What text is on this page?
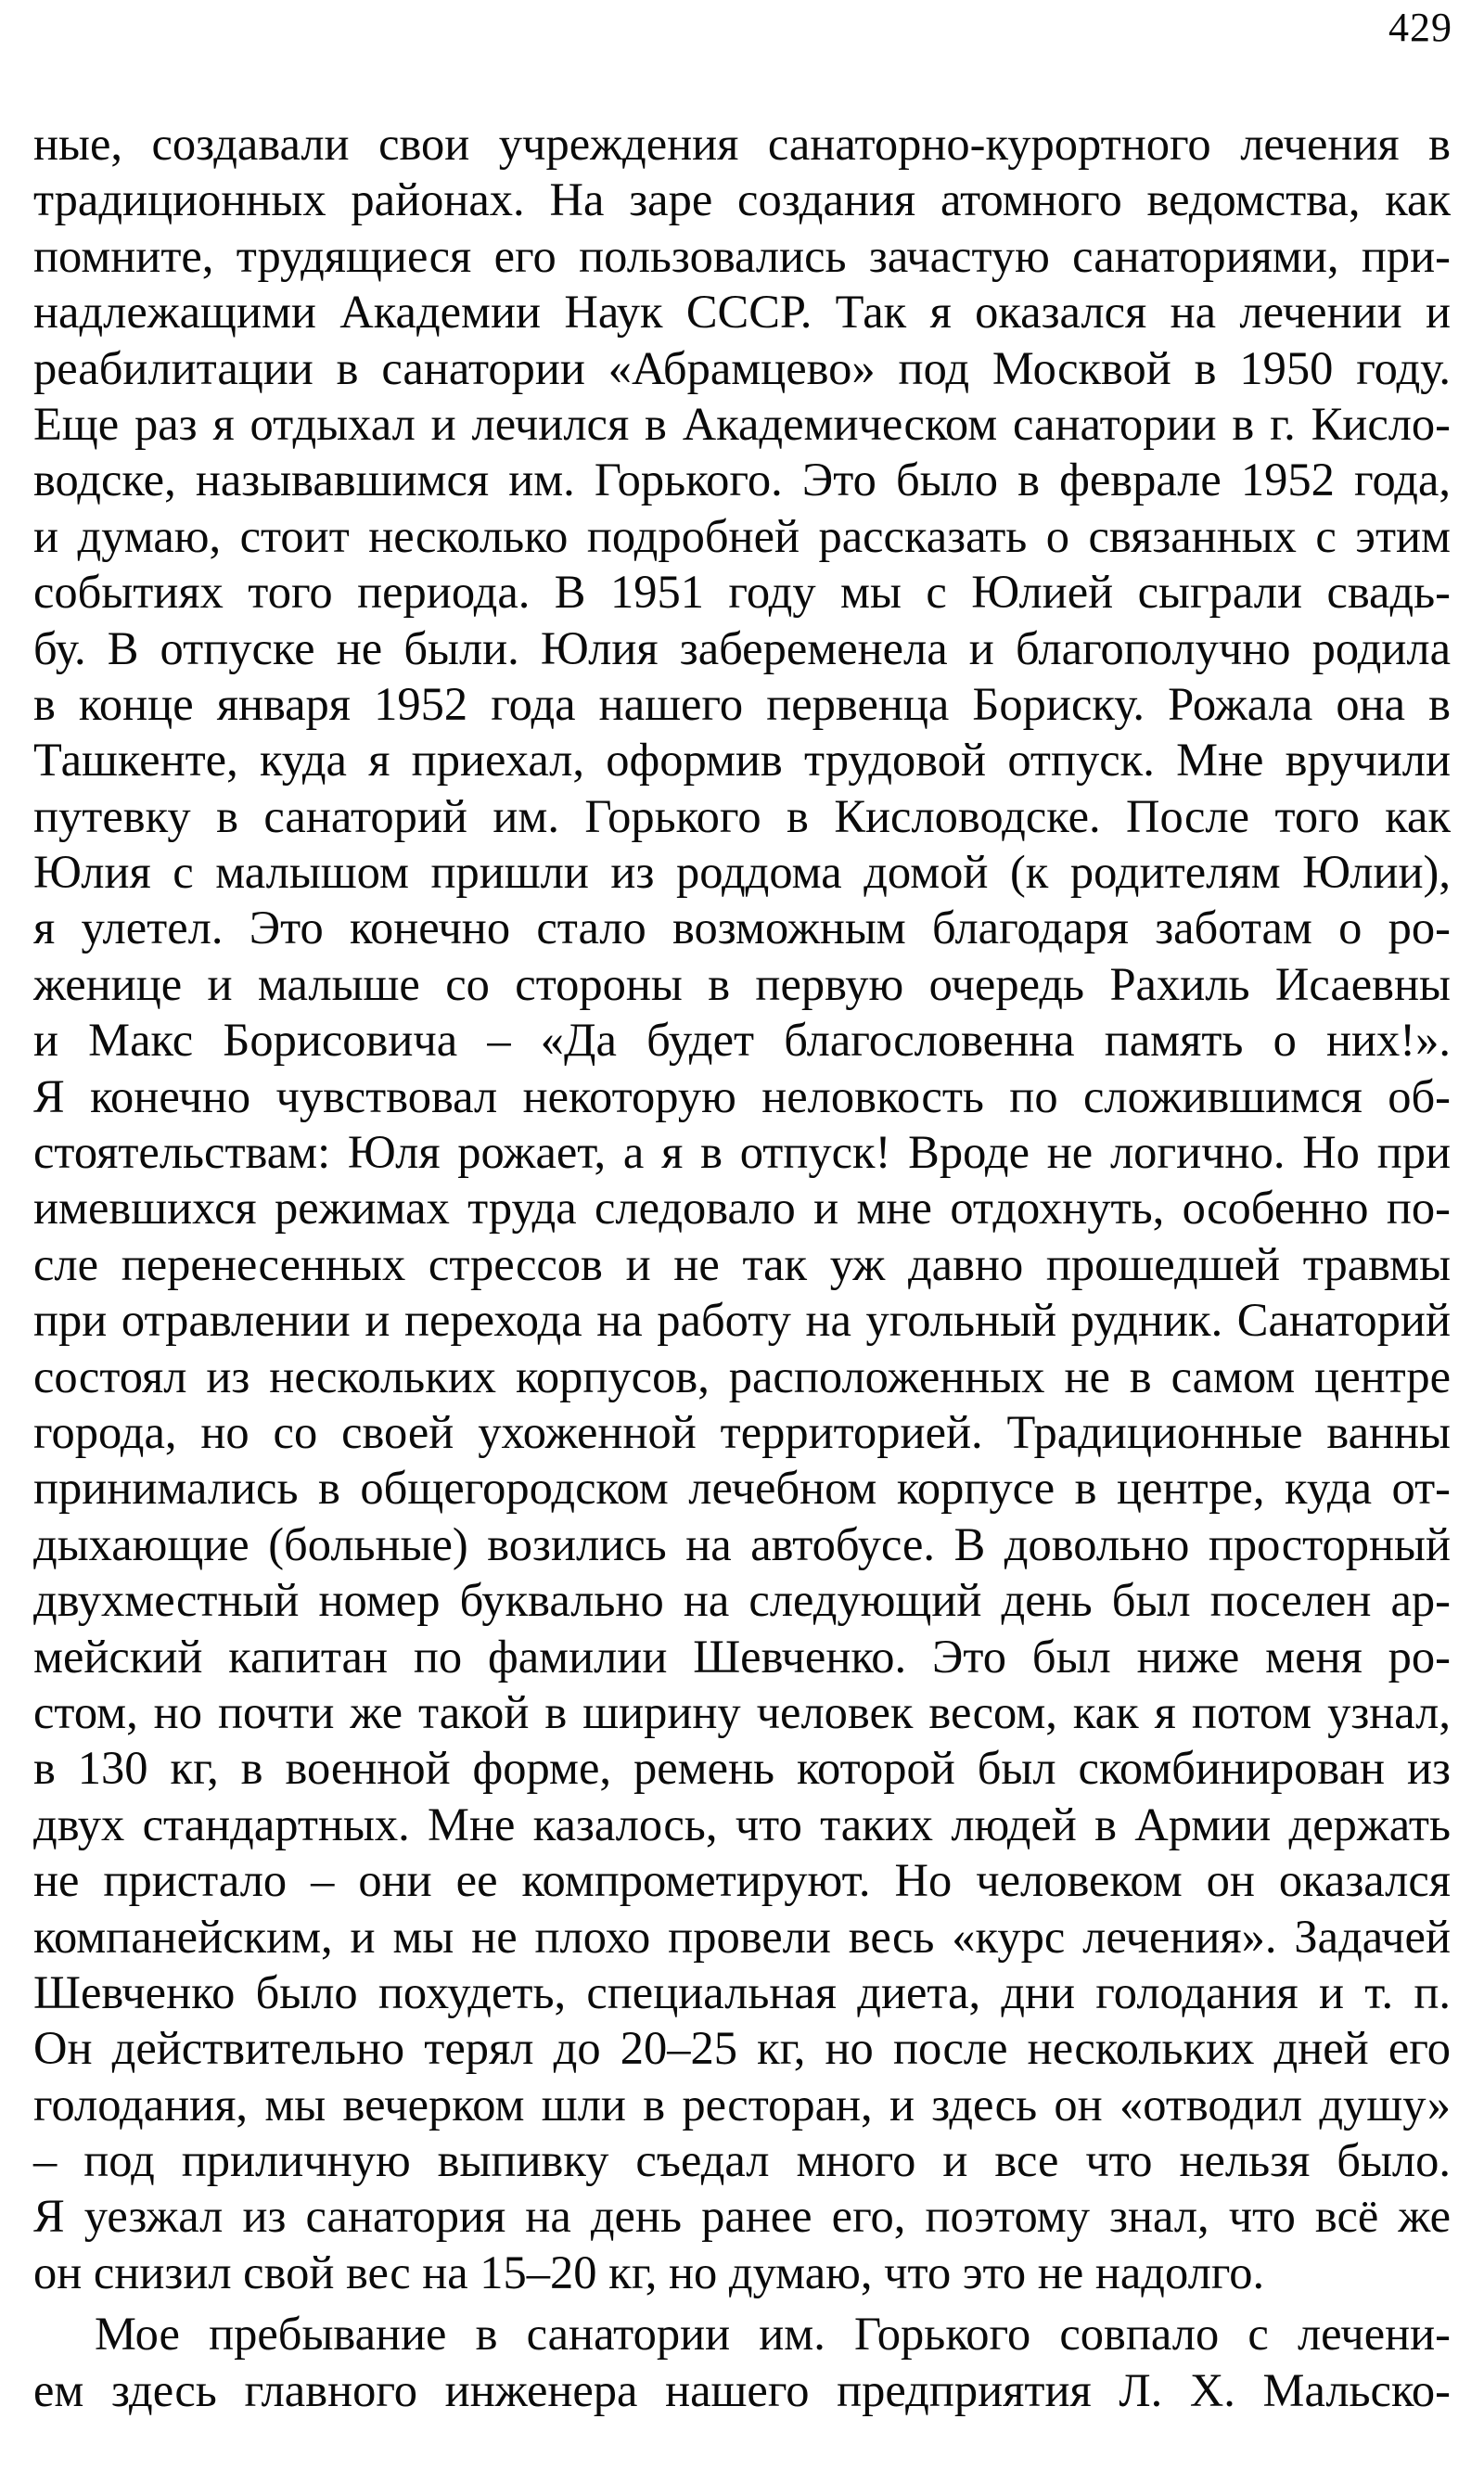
429
ные, создавали свои учреждения санаторно-курортного лечения в
традиционных районах. На заре создания атомного ведомства, как
помните, трудящиеся его пользовались зачастую санаториями, при-
надлежащими Академии Наук СССР. Так я оказался на лечении и
реабилитации в санатории «Абрамцево» под Москвой в 1950 году.
Еще раз я отдыхал и лечился в Академическом санатории в г. Кисло-
водске, называвшимся им. Горького. Это было в феврале 1952 года,
и думаю, стоит несколько подробней рассказать о связанных с этим
событиях того периода. В 1951 году мы с Юлией сыграли свадь-
бу. В отпуске не были. Юлия забеременела и благополучно родила
в конце января 1952 года нашего первенца Бориску. Рожала она в
Ташкенте, куда я приехал, оформив трудовой отпуск. Мне вручили
путевку в санаторий им. Горького в Кисловодске. После того как
Юлия с малышом пришли из роддома домой (к родителям Юлии),
я улетел. Это конечно стало возможным благодаря заботам о ро-
женице и малыше со стороны в первую очередь Рахиль Исаевны
и Макс Борисовича – «Да будет благословенна память о них!».
Я конечно чувствовал некоторую неловкость по сложившимся об-
стоятельствам: Юля рожает, а я в отпуск! Вроде не логично. Но при
имевшихся режимах труда следовало и мне отдохнуть, особенно по-
сле перенесенных стрессов и не так уж давно прошедшей травмы
при отравлении и перехода на работу на угольный рудник. Санаторий
состоял из нескольких корпусов, расположенных не в самом центре
города, но со своей ухоженной территорией. Традиционные ванны
принимались в общегородском лечебном корпусе в центре, куда от-
дыхающие (больные) возились на автобусе. В довольно просторный
двухместный номер буквально на следующий день был поселен ар-
мейский капитан по фамилии Шевченко. Это был ниже меня ро-
стом, но почти же такой в ширину человек весом, как я потом узнал,
в 130 кг, в военной форме, ремень которой был скомбинирован из
двух стандартных. Мне казалось, что таких людей в Армии держать
не пристало – они ее компрометируют. Но человеком он оказался
компанейским, и мы не плохо провели весь «курс лечения». Задачей
Шевченко было похудеть, специальная диета, дни голодания и т. п.
Он действительно терял до 20–25 кг, но после нескольких дней его
голодания, мы вечерком шли в ресторан, и здесь он «отводил душу»
– под приличную выпивку съедал много и все что нельзя было.
Я уезжал из санатория на день ранее его, поэтому знал, что всё же
он снизил свой вес на 15–20 кг, но думаю, что это не надолго.
Мое пребывание в санатории им. Горького совпало с лечени-
ем здесь главного инженера нашего предприятия Л. Х. Мальско-
